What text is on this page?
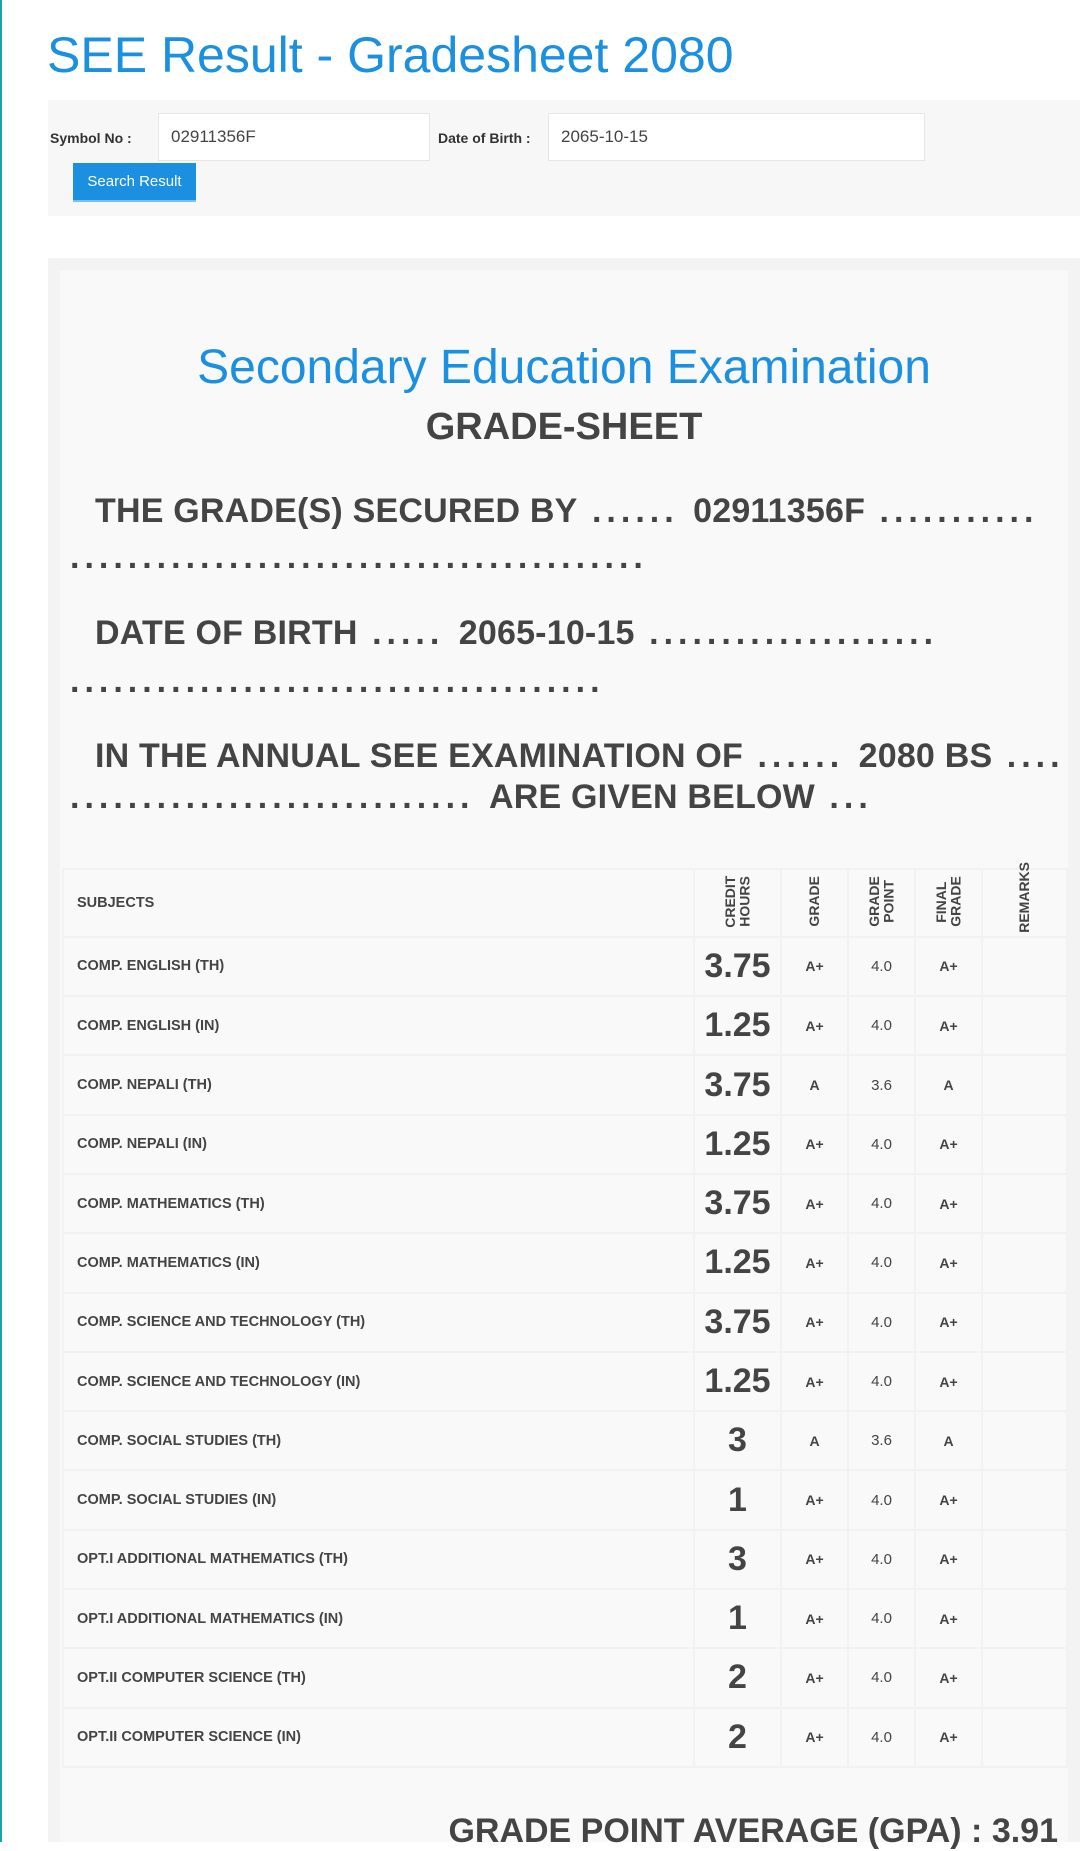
SEE Result - Gradesheet 2080
Symbol No :	02911356F	Date of Birth :	2065-10-15
Search Result
Secondary Education Examination
GRADE-SHEET
THE GRADE(S) SECURED BY ...... 02911356F ...........
........................................
DATE OF BIRTH ..... 2065-10-15 ....................
.....................................
IN THE ANNUAL SEE EXAMINATION OF ...... 2080 BS ....
............................ ARE GIVEN BELOW ...
SUBJECTS	CREDIT HOURS	GRADE	GRADE POINT	FINAL GRADE	REMARKS
COMP. ENGLISH (TH)	3.75	A+	4.0	A+	
COMP. ENGLISH (IN)	1.25	A+	4.0	A+	
COMP. NEPALI (TH)	3.75	A	3.6	A	
COMP. NEPALI (IN)	1.25	A+	4.0	A+	
COMP. MATHEMATICS (TH)	3.75	A+	4.0	A+	
COMP. MATHEMATICS (IN)	1.25	A+	4.0	A+	
COMP. SCIENCE AND TECHNOLOGY (TH)	3.75	A+	4.0	A+	
COMP. SCIENCE AND TECHNOLOGY (IN)	1.25	A+	4.0	A+	
COMP. SOCIAL STUDIES (TH)	3	A	3.6	A	
COMP. SOCIAL STUDIES (IN)	1	A+	4.0	A+	
OPT.I ADDITIONAL MATHEMATICS (TH)	3	A+	4.0	A+	
OPT.I ADDITIONAL MATHEMATICS (IN)	1	A+	4.0	A+	
OPT.II COMPUTER SCIENCE (TH)	2	A+	4.0	A+	
OPT.II COMPUTER SCIENCE (IN)	2	A+	4.0	A+	
GRADE POINT AVERAGE (GPA) : 3.91
